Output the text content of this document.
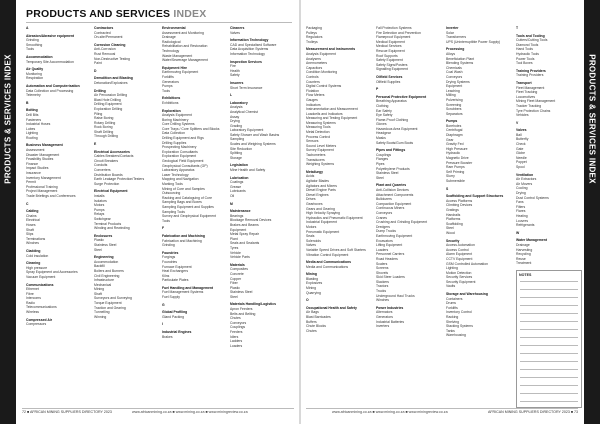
PRODUCTS & SERVICES INDEX	PRODUCTS & SERVICES INDEX
PRODUCTS AND SERVICES INDEX
A
Abrasion/Abrasive equipment
Grinding
Smoothing
Tools
Accommodation
Temporary Site Accommodation
Air Quality
Monitoring
Respiration
Automation and Computerisation
Data Collection and Processing
Telemetry
B
Bolting
Drill Bits
Fasteners
Industrial Hoses
Lubes
Lighting
Roofing
Business Management
Assessment
Disaster Management
Feasibility Studies
Finance
Impact Studies
Insurance
Inventory Management
Permit
Professional Training
Project Management
Trade Briefings and Conferences
C
Cabling
Chains
Electrical
Hoses
Shaft
Slips
Terminations
Winches
Cladding
Cold insulation
Cleaning
High pressure
Spray Equipment and Accessories
Vacuum Equipment
Communications
Ethernet
Fibre
Intercoms
Radio
Telecommunications
Wireless
Compressed Air
Compressors
Contractors
Contracted
On-site/Permanent
Corrosion Cleaning
Anti-Corrosion
Rust Removal
Non-Destructive Testing
Paint
D
Demolition and Blasting
Detonation/Explosives
Drilling
Air Percussion Drilling
Blast Hole Drilling
Drilling Equipment
Exploration Drilling
Piling
Raise Boring
Rotary Drilling
Rock Boring
Shaft Drilling
Through Drilling
E
Electrical Accessories
Cables Breakers/Contacts
Circuit Breakers
Conduits
Converters
Distribution Boards
Earth Leakage Protection/Testers
Surge Protection
Electrical Equipment
Installs
Isolators
Motors
Pumps
Relays
Switchgear
Terminal Products
Winding and Rewinding
Enclosures
Plastic
Stainless Steel
Steel
Engineering
Accommodation
Backfill
Boilers and Burners
Civil Engineering
Infrastructure
Mechanical
Mining
Shaft
Surveyors and Surveying
Torque Equipment
Traction and Gearing
Tunnelling
Winning
Environmental
Assessment and Monitoring
Drainage
Radiological
Rehabilitation and Restoration
Technology
Waste Management
Water/Sewerage Management
Equipment Hire
Earthmoving Equipment
Forklifts
Generators
Pumps
Tools
Exhibitions
Exhibitions
Exploration
Analysis Equipment
Boring Machinery
Core Drilling Systems
Core Trays / Core Splitters and Blocks
Data Collection
Drilling Equipment and Rigs
Drilling Supplies
Prospecting Machinery
Exploration Consultants
Exploration Equipment
Geological Field Equipment
Geophysical Consultants (GP)
Laboratory Apparatus
Laser Technology
Mapping and Navigation
Marking Tools
Mining of Core and Samples
Outsourcing
Racking and Cataloguing of Core
Sampling Bags and Boxes
Sampling Equipment and Supplies
Sampling Tools
Survey and Geophysical Equipment
Tools
F
Fabrication and Machining
Fabrication and Machining
Grinding
Foundries
Forgings
Foundries
Furnace Equipment
Heat Exchangers
Kilns
Particulate Plates
Fuel Handling and Management
Fuel Management Systems
Fuel Supply
G
Global Profiling
Gland Packing
I
Industrial Engines
Brakes
Cleaners
Valves
Information Technology
CAD and Specialised Software
Data Acquisition Systems
Information Technology
Inspection Services
Fire
Health
Safety
Insurers
Short Term Insurance
L
Laboratory
Analysis
Analytical Chemist
Assay
Drying
Grading
Laboratory Equipment
Safety Shower and Wash Basins
Sampling
Scales and Weighing Systems
Site Reduction
Splitting
Storage
Legislation
Mine Health and Safety
Lubrication
Coatings
Grease
Lubricants
Oil
M
Maintenance
Bearings
Blockage Removal Devices
Brakes and Beams
Equipment
Metal Spray Repair
Plant
Seals and Sealants
Tyres
Vehicle
Vehicle Parts
Materials
Composites
Concrete
Copper
Fiber
Plastic
Stainless Steel
Steel
Materials Handling/Logistics
Apron Feeders
Belts and Belting
Chutes
Conveyors
Couplings
Feeders
Idlers
Ladders
Loaders
Packaging
Pulleys
Regulators
Trolleys
Measurement and Instruments
Analysis Equipment
Analysers
Anemometers
Capacitors
Condition Monitoring
Controls
Counters
Digital Control Systems
Flotation
Flow Meters
Gauges
Indicators
Instrumentation and Measurement
Loadcells and Indicators
Measuring and Testing Equipment
Measuring Systems
Measuring Tools
Metal Detection
Process Control
Sensors
Sound Level Meters
Survey Equipment
Tachometers
Transducers
Weighing Systems
Metallurgy
Acids
Agitator Blades
Agitators and Mixers
Diesel Engine Parts
Diesel Engines
Drives
Gearboxes
Gears and Gearing
High Velocity Spraying
Hydraulics and Pneumatic Equipment
Industrial Equipment
Motors
Pneumatic Equipment
Seals
Solenoids
Valves
Variable Speed Drives and Soft Starters
Vibration Control Equipment
Media and Communications
Media and Communications
Mining
Blasting
Explosives
Mining
Quarrying
O
Occupational Health and Safety
Air Bags
Blast Barricades
Buffers
Chute Blocks
Chutes
Fall Protection Systems
Fire Detection and Prevention
Flameproof Equipment
Medical Equipment
Medical Services
Rescue Equipment
Roof Supports
Safety Equipment
Safety Signs/Posters
Signalling Equipment
Oilfield Services
Oilfield Supplies
P
Personal Protective Equipment
Breathing Apparatus
Clothing
Ear Safety
Eye Safety
Flame-Proof Clothing
Gloves
Hazardous Area Equipment
Headgear
Masks
Safety Boots/Gum Boots
Pipes and Fittings
Couplings
Flanges
Pipes
Polyethylene Products
Stainless Steel
Steel
Plant and Quarries
Anti-Collision Devices
Attachment Components
Bulldozers
Compaction Equipment
Continuous Miners
Conveyors
Cranes
Crushing and Grinding Equipment
Dredgers
Dump Trucks
Earthmoving Equipment
Excavators
Lifting Equipment
Loaders
Personnel Carriers
Road Headers
Scalers
Screens
Shovels
Skid Steer Loaders
Slackers
Tractors
Trucks
Underground Haul Trucks
Winches
Power Industries
Alternators
Generators
Industrial Batteries
Inverters
Inverter
Solar
Transformers
UPS (Uninterruptible Power Supply)
Processing
Alloys
Beneficiation Plant
Blending Systems
Chemicals
Coal Wash
Conveyors
Drying Systems
Equipment
Leaching
Milling
Pulverising
Screening
Scrubbers
Separators
Pumps
Boreholes
Centrifugal
Diaphragm
Gear
Gravity Fed
High Pressure
Hydraulic
Magnetic Drive
Pressure Booster
Ram Pumps
Self Priming
Slurry
Submersible
S
Scaffolding and Support Structures
Access Platforms
Climbing Devices
Gratings
Handrails
Platforms
Scaffolding
Steel
Wood
Security
Access Automation
Access Control
Alarm Equipment
CCTV Equipment
GSM Controlled Automation
Lighting
Motion Detection
Security Services
Security Equipment
Vaults
Storage and Warehousing
Containers
Drums
Forklifts
Inventory Control
Racking
Shelving
Stacking Systems
Tanks
Warehousing
T
Tools and Tooling
Cutters/Cutting Tools
Diamond Tools
Hand Tools
Hydraulic Tools
Power Tools
Tool Boxes
Training Providers
Training Providers
Transport
Fleet Management
Fleet Tracking
Locomotives
Mining Fleet Management
Tracker Tracking
Tyre Protection Chains
Vehicles
V
Valves
Ball
Butterfly
Check
Gate
Globe
Needle
Poppet
Spool
Ventilation
Air Extractors
Air Movers
Cooling
Drying
Dust Control Systems
Fans
Filters
Flares
Heating
Louvres
Refrigerants
W
Water Management
Drainage
Harvesting
Recycling
Reuse
Treatment
NOTES
72 ■ AFRICAN MINING SUPPLIERS DIRECTORY 2023	www.africanmining.co.za ■ www.mining.co.za ■ www.miningreview.co.za	www.africanmining.co.za ■ www.mining.co.za ■ www.miningreview.co.za	AFRICAN MINING SUPPLIERS DIRECTORY 2023 ■ 73
